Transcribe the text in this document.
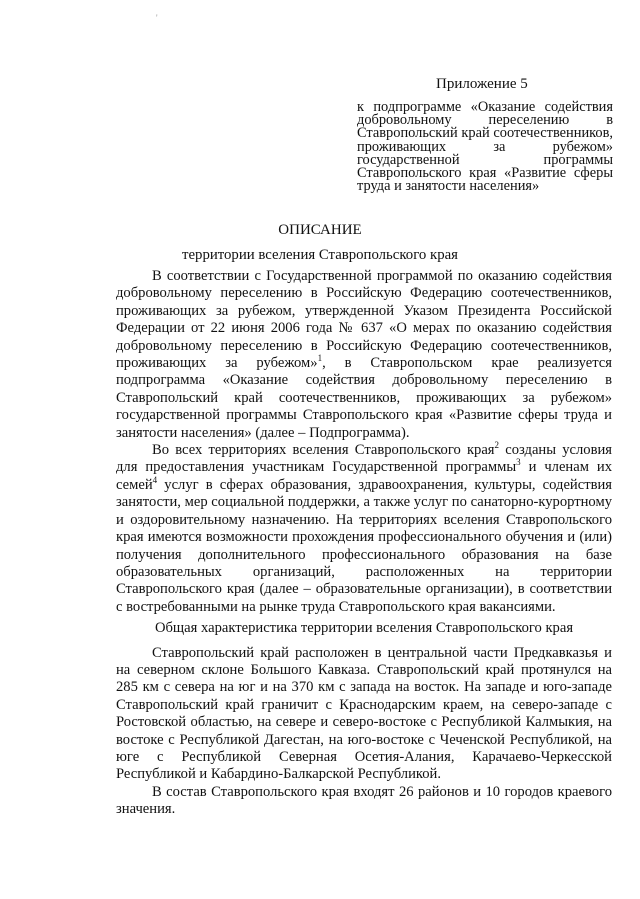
'
Приложение 5
к подпрограмме «Оказание содействия добровольному переселению в Ставропольский край соотечественников, проживающих за рубежом» государственной программы Ставропольского края «Развитие сферы труда и занятости населения»
ОПИСАНИЕ
территории вселения Ставропольского края

В соответствии с Государственной программой по оказанию содействия добровольному переселению в Российскую Федерацию соотечественников, проживающих за рубежом, утвержденной Указом Президента Российской Федерации от 22 июня 2006 года № 637 «О мерах по оказанию содействия добровольному переселению в Российскую Федерацию соотечественников, проживающих за рубежом»$^1$, в Ставропольском крае реализуется подпрограмма «Оказание содействия добровольному переселению в Ставропольский край соотечественников, проживающих за рубежом» государственной программы Ставропольского края «Развитие сферы труда и занятости населения» (далее – Подпрограмма).

Во всех территориях вселения Ставропольского края$^2$ созданы условия для предоставления участникам Государственной программы$^3$ и членам их семей$^4$ услуг в сферах образования, здравоохранения, культуры, содействия занятости, мер социальной поддержки, а также услуг по санаторно-курортному и оздоровительному назначению. На территориях вселения Ставропольского края имеются возможности прохождения профессионального обучения и (или) получения дополнительного профессионального образования на базе образовательных организаций, расположенных на территории Ставропольского края (далее – образовательные организации), в соответствии с востребованными на рынке труда Ставропольского края вакансиями.

Общая характеристика территории вселения Ставропольского края

Ставропольский край расположен в центральной части Предкавказья и на северном склоне Большого Кавказа. Ставропольский край протянулся на 285 км с севера на юг и на 370 км с запада на восток. На западе и юго-западе Ставропольский край граничит с Краснодарским краем, на северо-западе с Ростовской областью, на севере и северо-востоке с Республикой Калмыкия, на востоке с Республикой Дагестан, на юго-востоке с Чеченской Республикой, на юге с Республикой Северная Осетия-Алания, Карачаево-Черкесской Республикой и Кабардино-Балкарской Республикой.

В состав Ставропольского края входят 26 районов и 10 городов краевого значения.
